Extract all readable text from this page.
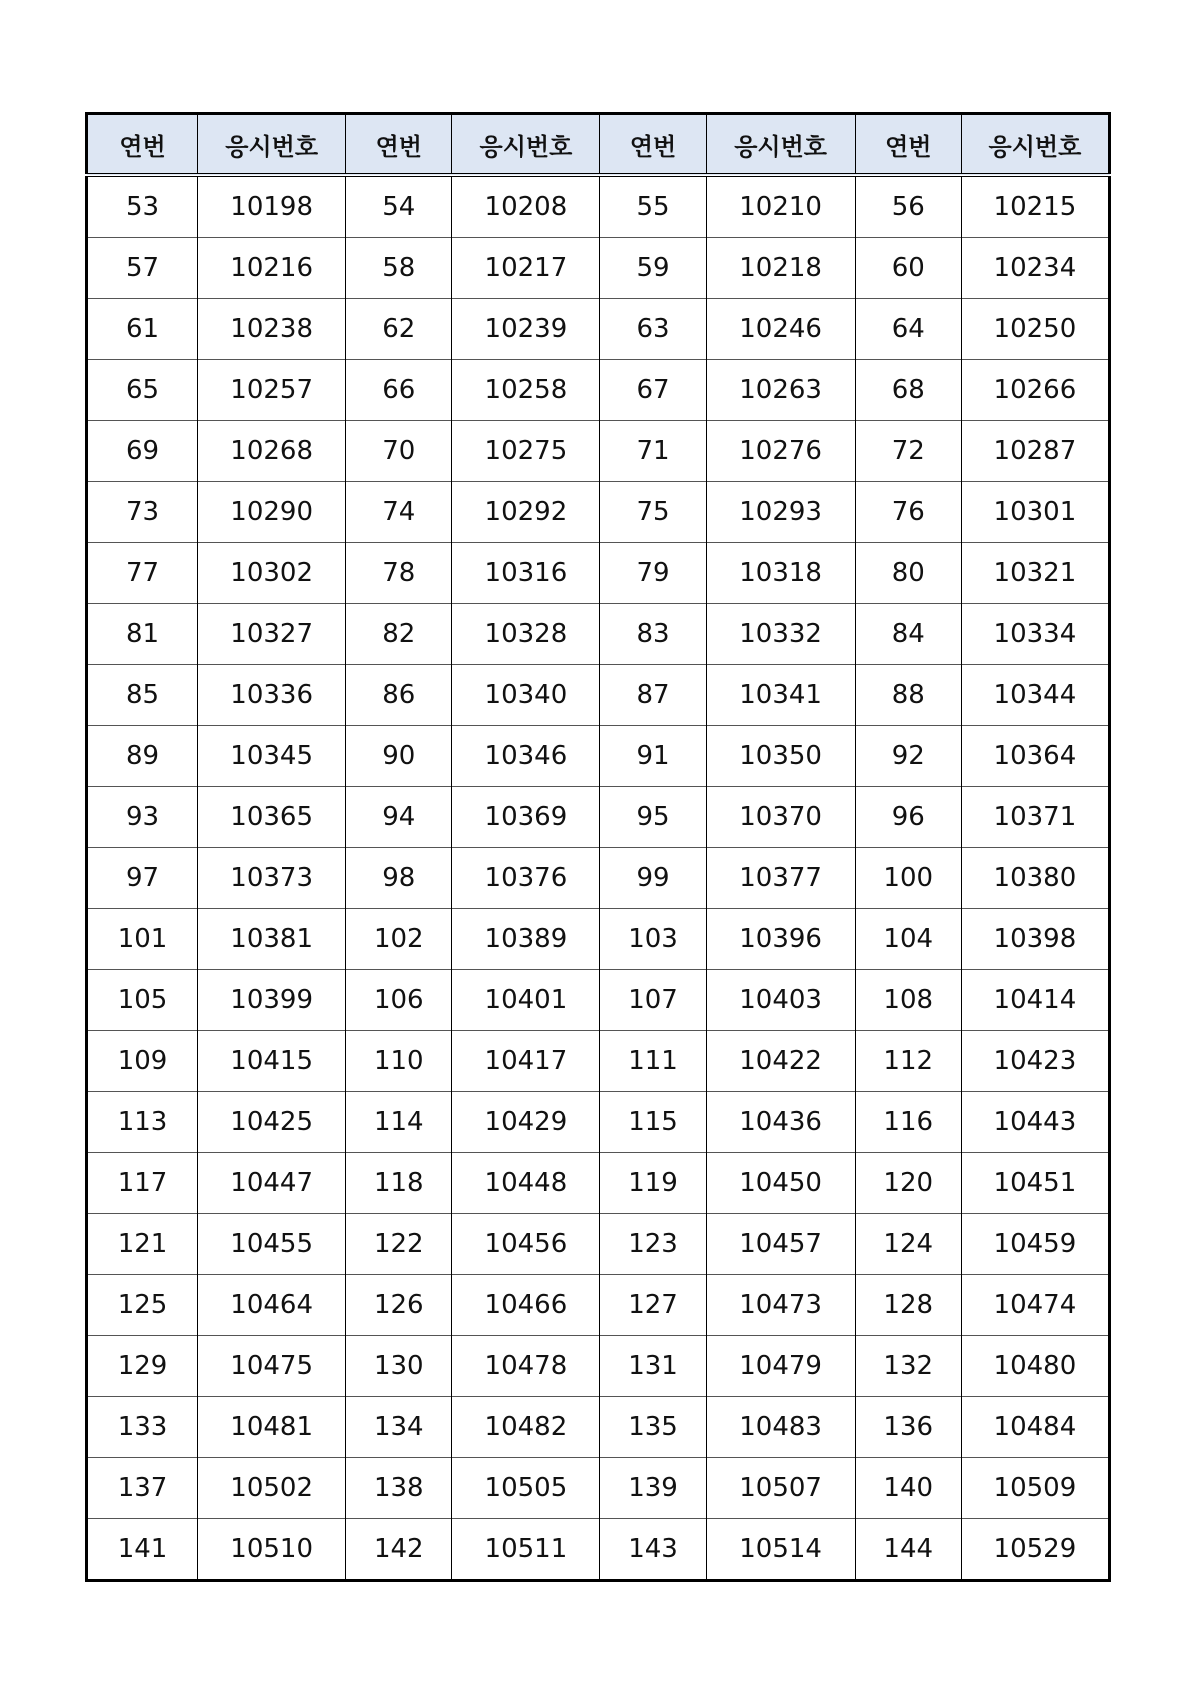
연번	응시번호	연번	응시번호	연번	응시번호	연번	응시번호
53	10198	54	10208	55	10210	56	10215
57	10216	58	10217	59	10218	60	10234
61	10238	62	10239	63	10246	64	10250
65	10257	66	10258	67	10263	68	10266
69	10268	70	10275	71	10276	72	10287
73	10290	74	10292	75	10293	76	10301
77	10302	78	10316	79	10318	80	10321
81	10327	82	10328	83	10332	84	10334
85	10336	86	10340	87	10341	88	10344
89	10345	90	10346	91	10350	92	10364
93	10365	94	10369	95	10370	96	10371
97	10373	98	10376	99	10377	100	10380
101	10381	102	10389	103	10396	104	10398
105	10399	106	10401	107	10403	108	10414
109	10415	110	10417	111	10422	112	10423
113	10425	114	10429	115	10436	116	10443
117	10447	118	10448	119	10450	120	10451
121	10455	122	10456	123	10457	124	10459
125	10464	126	10466	127	10473	128	10474
129	10475	130	10478	131	10479	132	10480
133	10481	134	10482	135	10483	136	10484
137	10502	138	10505	139	10507	140	10509
141	10510	142	10511	143	10514	144	10529
